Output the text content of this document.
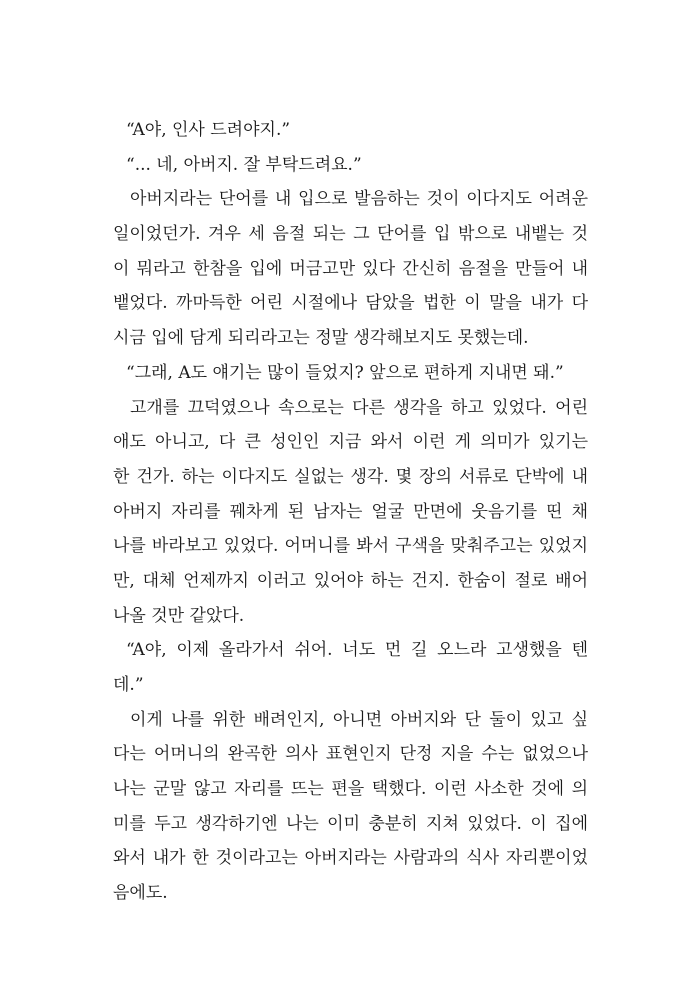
“A야, 인사 드려야지.”
“... 네, 아버지. 잘 부탁드려요.”
아버지라는 단어를 내 입으로 발음하는 것이 이다지도 어려운
일이었던가. 겨우 세 음절 되는 그 단어를 입 밖으로 내뱉는 것
이 뭐라고 한참을 입에 머금고만 있다 간신히 음절을 만들어 내
뱉었다. 까마득한 어린 시절에나 담았을 법한 이 말을 내가 다
시금 입에 담게 되리라고는 정말 생각해보지도 못했는데.
“그래, A도 얘기는 많이 들었지? 앞으로 편하게 지내면 돼.”
고개를 끄덕였으나 속으로는 다른 생각을 하고 있었다. 어린
애도 아니고, 다 큰 성인인 지금 와서 이런 게 의미가 있기는
한 건가. 하는 이다지도 실없는 생각. 몇 장의 서류로 단박에 내
아버지 자리를 꿰차게 된 남자는 얼굴 만면에 웃음기를 띤 채
나를 바라보고 있었다. 어머니를 봐서 구색을 맞춰주고는 있었지
만, 대체 언제까지 이러고 있어야 하는 건지. 한숨이 절로 배어
나올 것만 같았다.
“A야, 이제 올라가서 쉬어. 너도 먼 길 오느라 고생했을 텐
데.”
이게 나를 위한 배려인지, 아니면 아버지와 단 둘이 있고 싶
다는 어머니의 완곡한 의사 표현인지 단정 지을 수는 없었으나
나는 군말 않고 자리를 뜨는 편을 택했다. 이런 사소한 것에 의
미를 두고 생각하기엔 나는 이미 충분히 지쳐 있었다. 이 집에
와서 내가 한 것이라고는 아버지라는 사람과의 식사 자리뿐이었
음에도.
